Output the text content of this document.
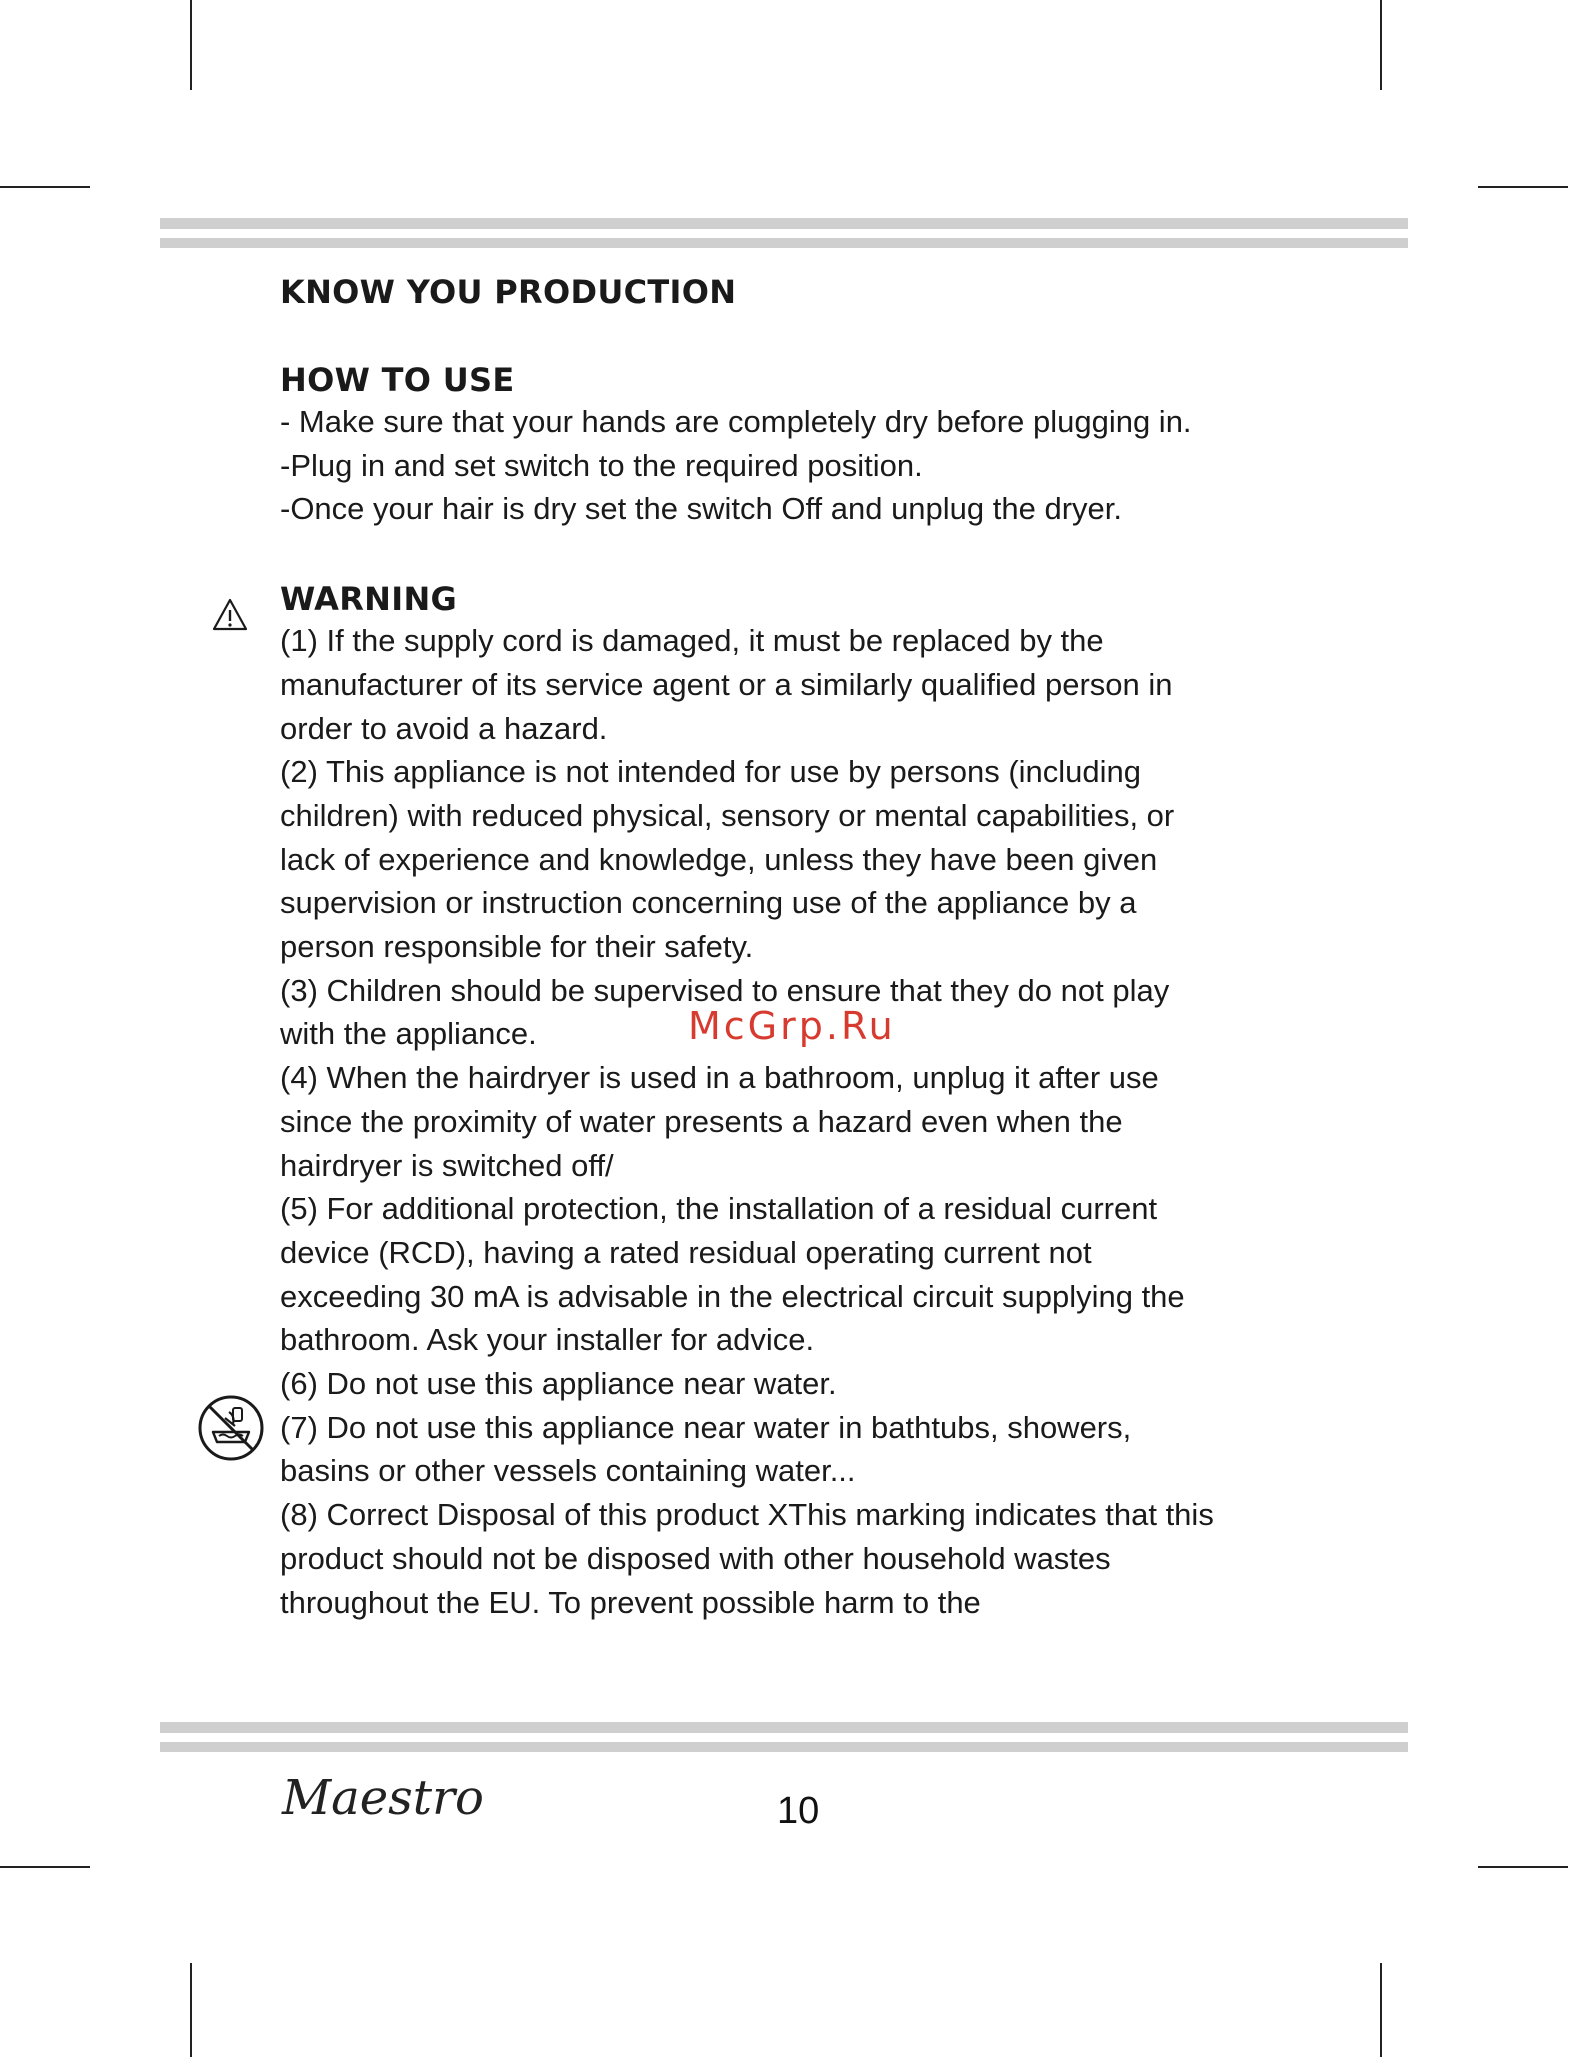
KNOW YOU PRODUCTION
HOW TO USE

- Make sure that your hands are completely dry before plugging in.

-Plug in and set switch to the required position.

-Once your hair is dry set the switch Off and unplug the dryer.

WARNING

(1) If the supply cord is damaged, it must be replaced by the

manufacturer of its service agent or a similarly qualified person in

order to avoid a hazard.

(2) This appliance is not intended for use by persons (including

children) with reduced physical, sensory or mental capabilities, or

lack of experience and knowledge, unless they have been given

supervision or instruction concerning use of the appliance by a

person responsible for their safety.

(3) Children should be supervised to ensure that they do not play

with the appliance.

(4) When the hairdryer is used in a bathroom, unplug it after use

since the proximity of water presents a hazard even when the

hairdryer is switched off/

(5) For additional protection, the installation of a residual current

device (RCD), having a rated residual operating current not

exceeding 30 mA is advisable in the electrical circuit supplying the

bathroom. Ask your installer for advice.

(6) Do not use this appliance near water.

(7) Do not use this appliance near water in bathtubs, showers,

basins or other vessels containing water...

(8) Correct Disposal of this product XThis marking indicates that this

product should not be disposed with other household wastes

throughout the EU. To prevent possible harm to the

McGrp.Ru
Maestro	10
